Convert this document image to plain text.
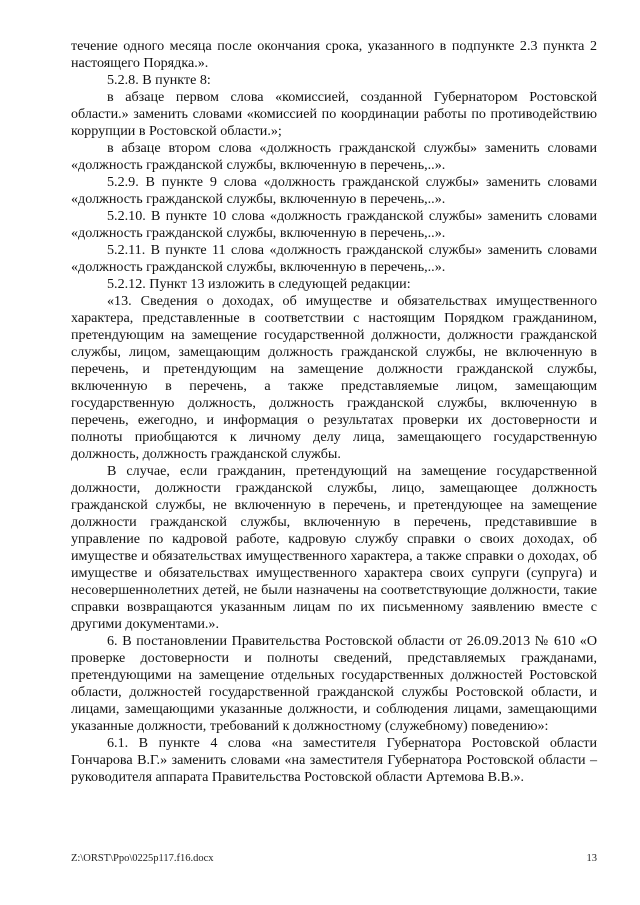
течение одного месяца после окончания срока, указанного в подпункте 2.3 пункта 2 настоящего Порядка.».

5.2.8. В пункте 8:

в абзаце первом слова «комиссией, созданной Губернатором Ростовской области.» заменить словами «комиссией по координации работы по противодействию коррупции в Ростовской области.»;

в абзаце втором слова «должность гражданской службы» заменить словами «должность гражданской службы, включенную в перечень,..».

5.2.9. В пункте 9 слова «должность гражданской службы» заменить словами «должность гражданской службы, включенную в перечень,..».

5.2.10. В пункте 10 слова «должность гражданской службы» заменить словами «должность гражданской службы, включенную в перечень,..».

5.2.11. В пункте 11 слова «должность гражданской службы» заменить словами «должность гражданской службы, включенную в перечень,..».

5.2.12. Пункт 13 изложить в следующей редакции:

«13. Сведения о доходах, об имуществе и обязательствах имущественного характера, представленные в соответствии с настоящим Порядком гражданином, претендующим на замещение государственной должности, должности гражданской службы, лицом, замещающим должность гражданской службы, не включенную в перечень, и претендующим на замещение должности гражданской службы, включенную в перечень, а также представляемые лицом, замещающим государственную должность, должность гражданской службы, включенную в перечень, ежегодно, и информация о результатах проверки их достоверности и полноты приобщаются к личному делу лица, замещающего государственную должность, должность гражданской службы.

В случае, если гражданин, претендующий на замещение государственной должности, должности гражданской службы, лицо, замещающее должность гражданской службы, не включенную в перечень, и претендующее на замещение должности гражданской службы, включенную в перечень, представившие в управление по кадровой работе, кадровую службу справки о своих доходах, об имуществе и обязательствах имущественного характера, а также справки о доходах, об имуществе и обязательствах имущественного характера своих супруги (супруга) и несовершеннолетних детей, не были назначены на соответствующие должности, такие справки возвращаются указанным лицам по их письменному заявлению вместе с другими документами.».

6. В постановлении Правительства Ростовской области от 26.09.2013 № 610 «О проверке достоверности и полноты сведений, представляемых гражданами, претендующими на замещение отдельных государственных должностей Ростовской области, должностей государственной гражданской службы Ростовской области, и лицами, замещающими указанные должности, и соблюдения лицами, замещающими указанные должности, требований к должностному (служебному) поведению»:

6.1. В пункте 4 слова «на заместителя Губернатора Ростовской области Гончарова В.Г.» заменить словами «на заместителя Губернатора Ростовской области – руководителя аппарата Правительства Ростовской области Артемова В.В.».

Z:\ORST\Ppo\0225p117.f16.docx	13
